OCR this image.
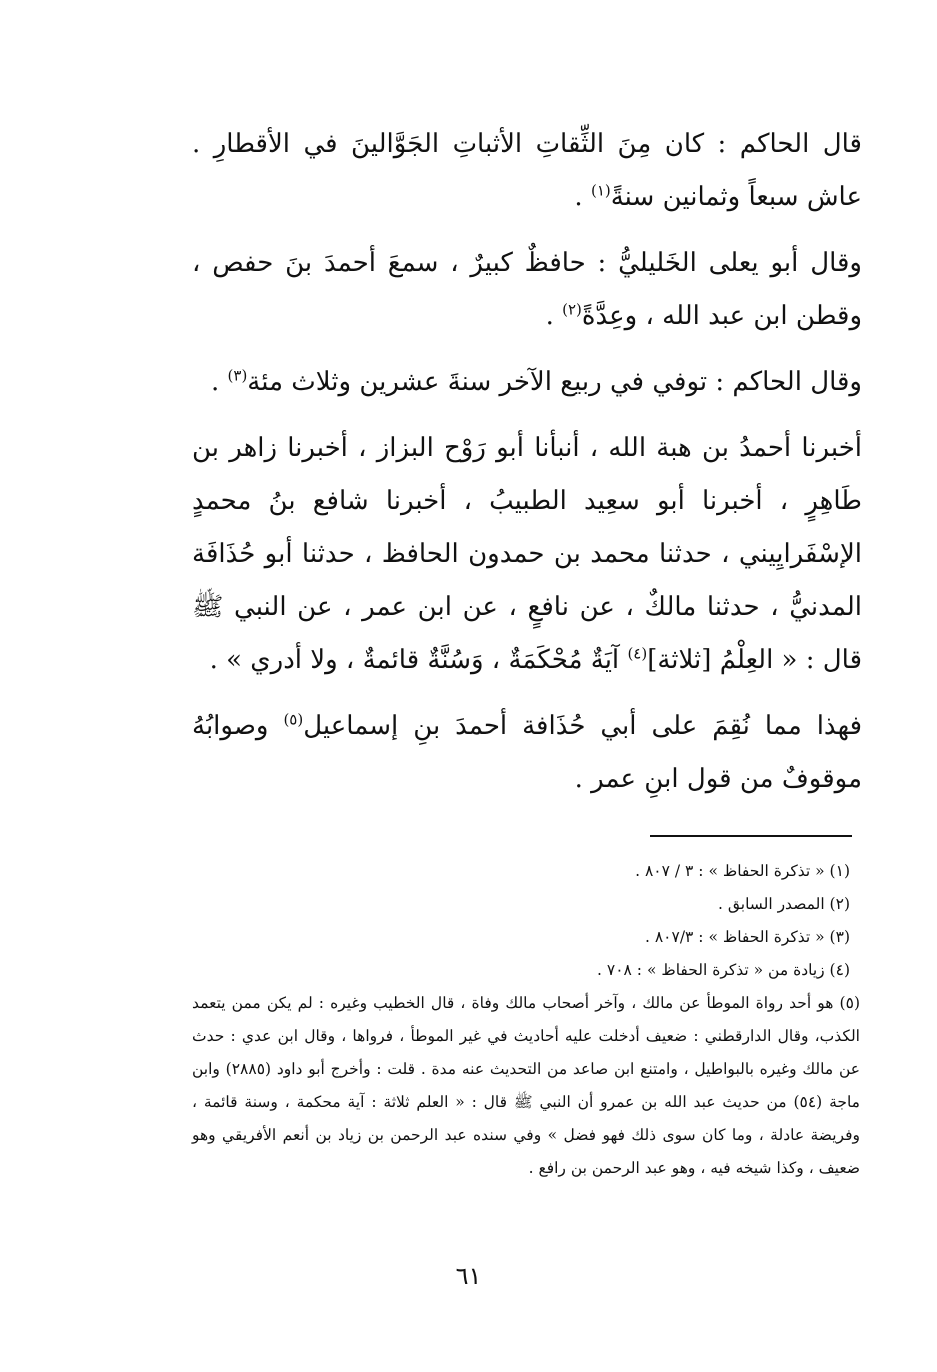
قال الحاكم : كان مِنَ الثِّقاتِ الأثباتِ الجَوَّالينَ في الأقطارِ . عاش سبعاً وثمانين سنةً$^{(١)}$ .

وقال أبو يعلى الخَليليُّ : حافظٌ كبيرٌ ، سمعَ أحمدَ بنَ حفص ، وقطن ابن عبد الله ، وعِدَّةً$^{(٢)}$ .

وقال الحاكم : توفي في ربيع الآخر سنةَ عشرين وثلاث مئة$^{(٣)}$ .

أخبرنا أحمدُ بن هبة الله ، أنبأنا أبو رَوْح البزاز ، أخبرنا زاهر بن طَاهِرٍ ، أخبرنا أبو سعِيد الطبيبُ ، أخبرنا شافع بنُ محمدٍ الإسْفَرايِيني ، حدثنا محمد بن حمدون الحافظ ، حدثنا أبو حُذَافَة المدنيُّ ، حدثنا مالكٌ ، عن نافعٍ ، عن ابن عمر ، عن النبي ﷺ قال : « العِلْمُ [ثلاثة]$^{(٤)}$ آيَةٌ مُحْكَمَةٌ ، وَسُنَّةٌ قائمةٌ ، ولا أدري » .

فهذا مما نُقِمَ على أبي حُذَافة أحمدَ بنِ إسماعيل$^{(٥)}$ وصوابُهُ موقوفٌ من قول ابنِ عمر .

(١) « تذكرة الحفاظ » : ٣ / ٨٠٧ .

(٢) المصدر السابق .

(٣) « تذكرة الحفاظ » : ٨٠٧/٣ .

(٤) زيادة من « تذكرة الحفاظ » : ٧٠٨ .

(٥) هو أحد رواة الموطأ عن مالك ، وآخر أصحاب مالك وفاة ، قال الخطيب وغيره : لم يكن ممن يتعمد الكذب، وقال الدارقطني : ضعيف أدخلت عليه أحاديث في غير الموطأ ، فرواها ، وقال ابن عدي : حدث عن مالك وغيره بالبواطيل ، وامتنع ابن صاعد من التحديث عنه مدة . قلت : وأخرج أبو داود (٢٨٨٥) وابن ماجة (٥٤) من حديث عبد الله بن عمرو أن النبي ﷺ قال : « العلم ثلاثة : آية محكمة ، وسنة قائمة ، وفريضة عادلة ، وما كان سوى ذلك فهو فضل » وفي سنده عبد الرحمن بن زياد بن أنعم الأفريقي وهو ضعيف ، وكذا شيخه فيه ، وهو عبد الرحمن بن رافع .

٦١
